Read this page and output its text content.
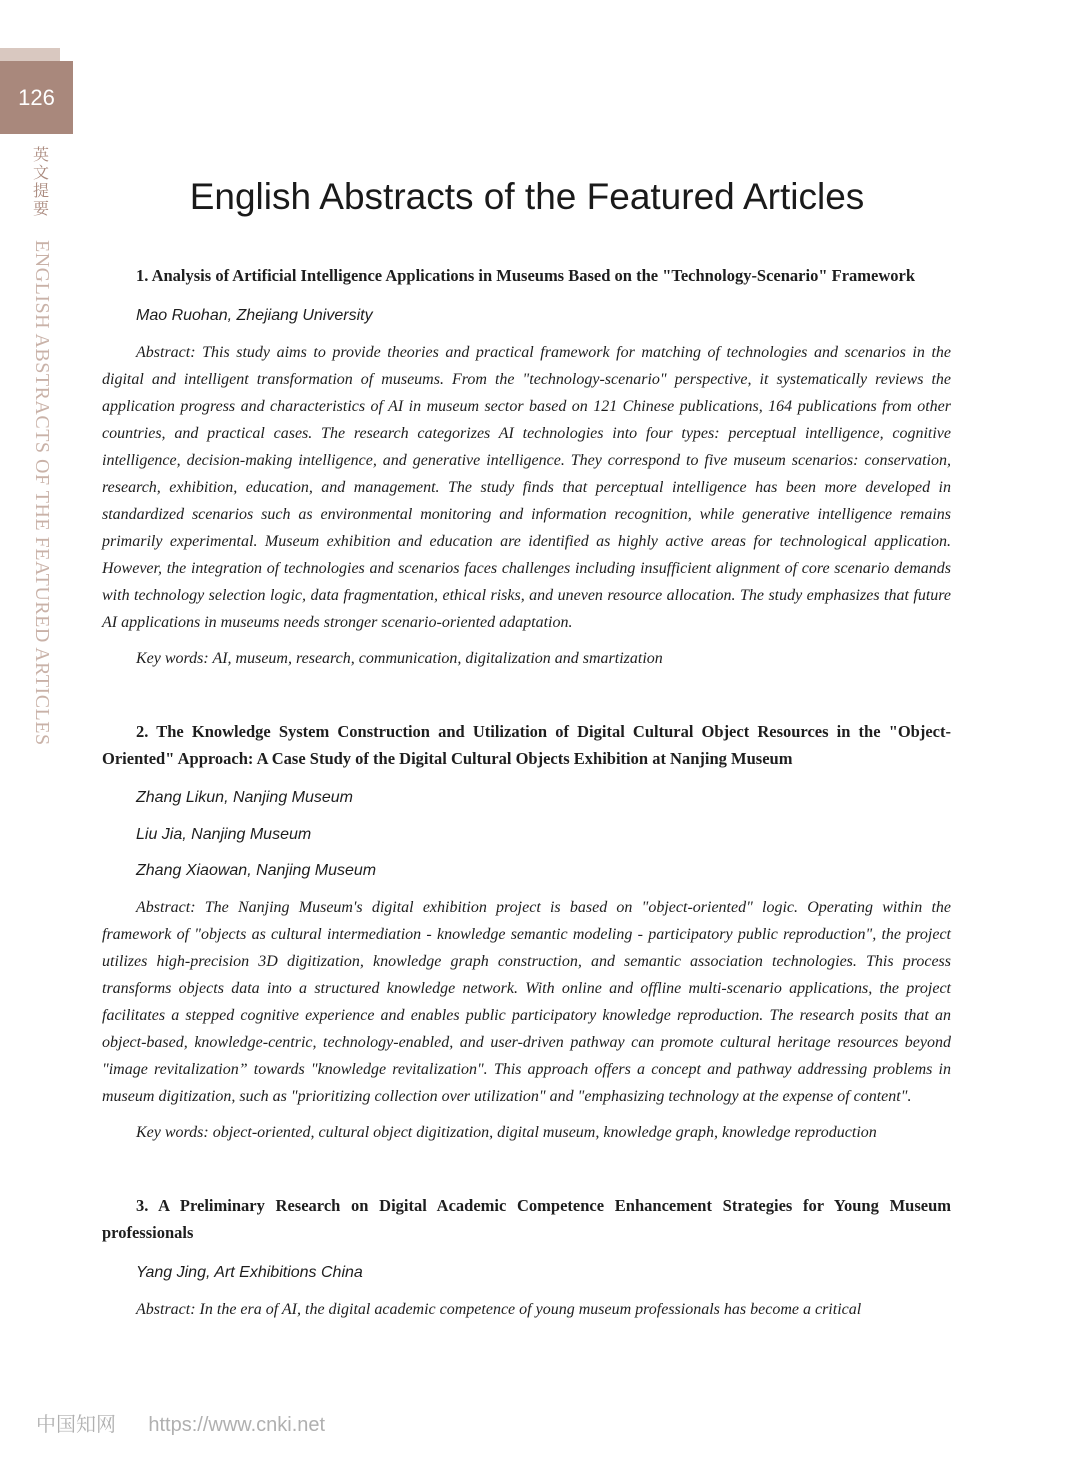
126
英
文
提
要
ENGLISH ABSTRACTS OF THE FEATURED ARTICLES
English Abstracts of the Featured Articles

1. Analysis of Artificial Intelligence Applications in Museums Based on the "Technology-Scenario" Framework

Mao Ruohan, Zhejiang University

Abstract: This study aims to provide theories and practical framework for matching of technologies and scenarios in the digital and intelligent transformation of museums. From the "technology-scenario" perspective, it systematically reviews the application progress and characteristics of AI in museum sector based on 121 Chinese publications, 164 publications from other countries, and practical cases. The research categorizes AI technologies into four types: perceptual intelligence, cognitive intelligence, decision-making intelligence, and generative intelligence. They correspond to five museum scenarios: conservation, research, exhibition, education, and management. The study finds that perceptual intelligence has been more developed in standardized scenarios such as environmental monitoring and information recognition, while generative intelligence remains primarily experimental. Museum exhibition and education are identified as highly active areas for technological application. However, the integration of technologies and scenarios faces challenges including insufficient alignment of core scenario demands with technology selection logic, data fragmentation, ethical risks, and uneven resource allocation. The study emphasizes that future AI applications in museums needs stronger scenario-oriented adaptation.

Key words: AI, museum, research, communication, digitalization and smartization

2. The Knowledge System Construction and Utilization of Digital Cultural Object Resources in the "Object-Oriented" Approach: A Case Study of the Digital Cultural Objects Exhibition at Nanjing Museum

Zhang Likun, Nanjing Museum
Liu Jia, Nanjing Museum
Zhang Xiaowan, Nanjing Museum

Abstract: The Nanjing Museum's digital exhibition project is based on "object-oriented" logic. Operating within the framework of "objects as cultural intermediation - knowledge semantic modeling - participatory public reproduction", the project utilizes high-precision 3D digitization, knowledge graph construction, and semantic association technologies. This process transforms objects data into a structured knowledge network. With online and offline multi-scenario applications, the project facilitates a stepped cognitive experience and enables public participatory knowledge reproduction. The research posits that an object-based, knowledge-centric, technology-enabled, and user-driven pathway can promote cultural heritage resources beyond "image revitalization” towards "knowledge revitalization". This approach offers a concept and pathway addressing problems in museum digitization, such as "prioritizing collection over utilization" and "emphasizing technology at the expense of content".

Key words: object-oriented, cultural object digitization, digital museum, knowledge graph, knowledge reproduction

3. A Preliminary Research on Digital Academic Competence Enhancement Strategies for Young Museum professionals

Yang Jing, Art Exhibitions China

Abstract: In the era of AI, the digital academic competence of young museum professionals has become a critical

中国知网 https://www.cnki.net
